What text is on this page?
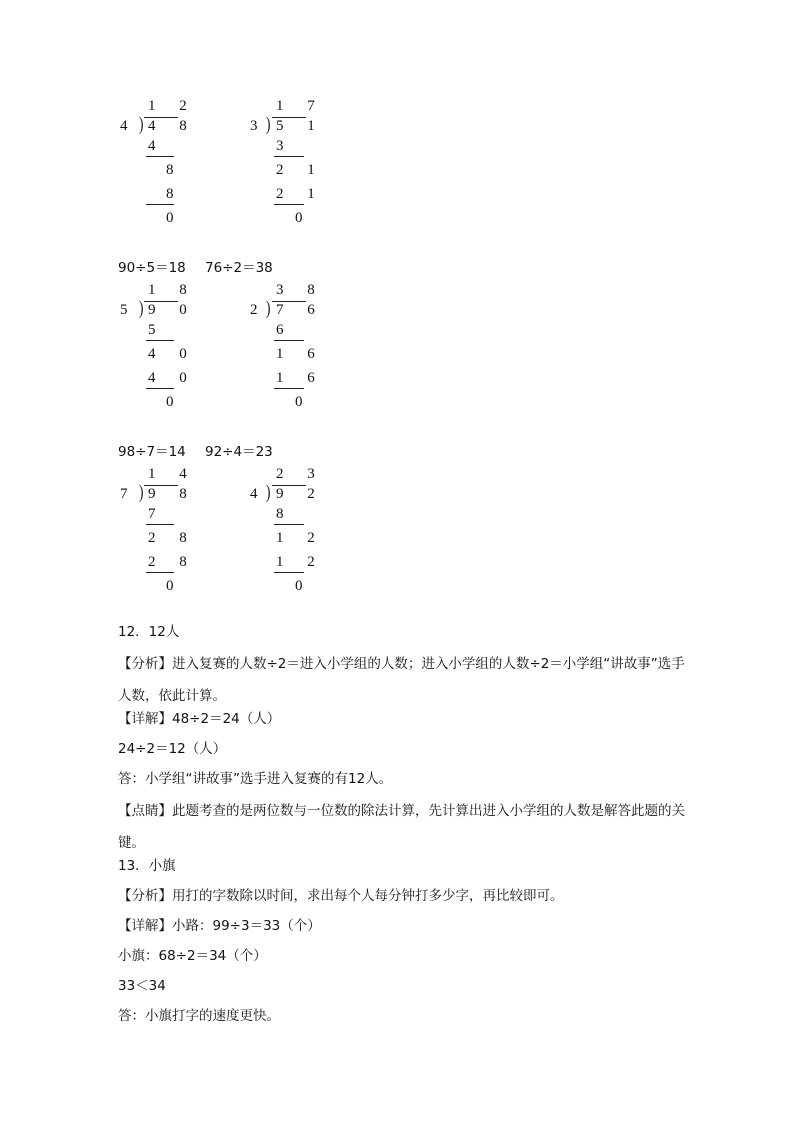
1 2
4 ) 4 8
4
8
8
0
1 7
3 ) 5 1
3
2 1
2 1
0
90÷5＝18 76÷2＝38
1 8
5 ) 9 0
5
4 0
4 0
0
3 8
2 ) 7 6
6
1 6
1 6
0
98÷7＝14 92÷4＝23
1 4
7 ) 9 8
7
2 8
2 8
0
2 3
4 ) 9 2
8
1 2
1 2
0
12．12人
【分析】进入复赛的人数÷2＝进入小学组的人数；进入小学组的人数÷2＝小学组“讲故事”选手人数，依此计算。
【详解】48÷2＝24（人）
24÷2＝12（人）
答：小学组“讲故事”选手进入复赛的有12人。
【点睛】此题考查的是两位数与一位数的除法计算，先计算出进入小学组的人数是解答此题的关键。
13．小旗
【分析】用打的字数除以时间，求出每个人每分钟打多少字，再比较即可。
【详解】小路：99÷3＝33（个）
小旗：68÷2＝34（个）
33＜34
答：小旗打字的速度更快。
